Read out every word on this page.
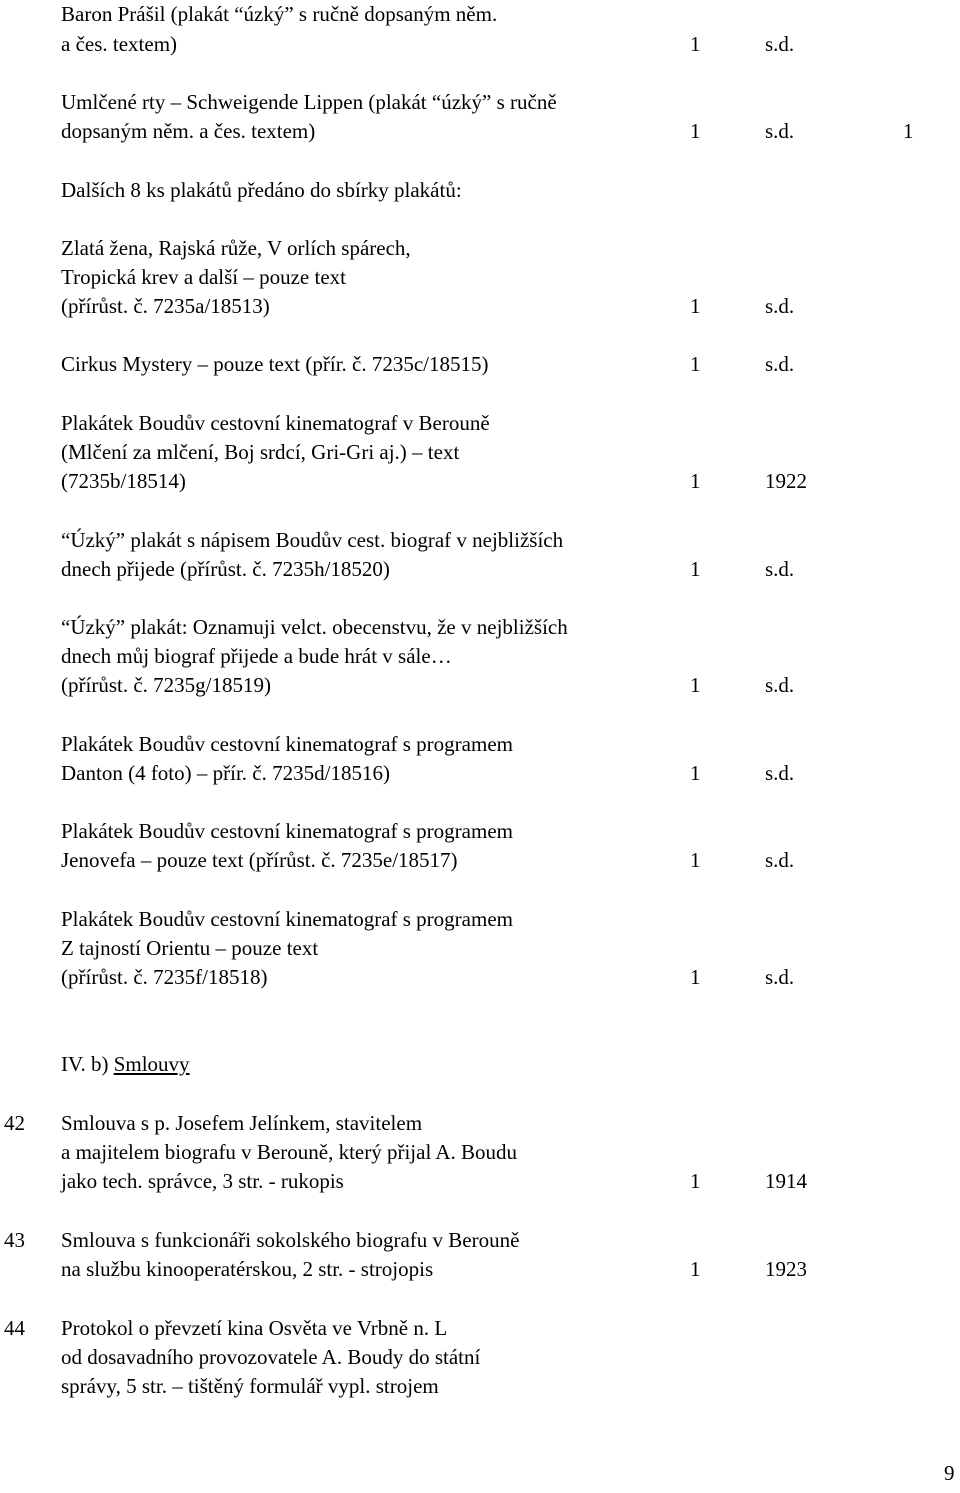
Baron Prášil (plakát “úzký” s ručně dopsaným něm.
a čes. textem)	1	s.d.
Umlčené rty – Schweigende Lippen (plakát “úzký” s ručně
dopsaným něm. a čes. textem)	1	s.d.	1
Dalších 8 ks plakátů předáno do sbírky plakátů:
Zlatá žena, Rajská růže, V orlích spárech,
Tropická krev a další – pouze text
(přírůst. č. 7235a/18513)	1	s.d.
Cirkus Mystery – pouze text (přír. č. 7235c/18515)	1	s.d.
Plakátek Boudův cestovní kinematograf v Berouně
(Mlčení za mlčení, Boj srdcí, Gri-Gri aj.) – text
(7235b/18514)	1	1922
“Úzký” plakát s nápisem Boudův cest. biograf v nejbližších
dnech přijede (přírůst. č. 7235h/18520)	1	s.d.
“Úzký” plakát: Oznamuji velct. obecenstvu, že v nejbližších
dnech můj biograf přijede a bude hrát v sále…
(přírůst. č. 7235g/18519)	1	s.d.
Plakátek Boudův cestovní kinematograf s programem
Danton (4 foto) – přír. č. 7235d/18516)	1	s.d.
Plakátek Boudův cestovní kinematograf s programem
Jenovefa – pouze text (přírůst. č. 7235e/18517)	1	s.d.
Plakátek Boudův cestovní kinematograf s programem
Z tajností Orientu – pouze text
(přírůst. č. 7235f/18518)	1	s.d.
IV. b) Smlouvy
42 Smlouva s p. Josefem Jelínkem, stavitelem
a majitelem biografu v Berouně, který přijal A. Boudu
jako tech. správce, 3 str. - rukopis	1	1914
43 Smlouva s funkcionáři sokolského biografu v Berouně
na službu kinooperatérskou, 2 str. - strojopis	1	1923
44 Protokol o převzetí kina Osvěta ve Vrbně n. L
od dosavadního provozovatele A. Boudy do státní
správy, 5 str. – tištěný formulář vypl. strojem
9
